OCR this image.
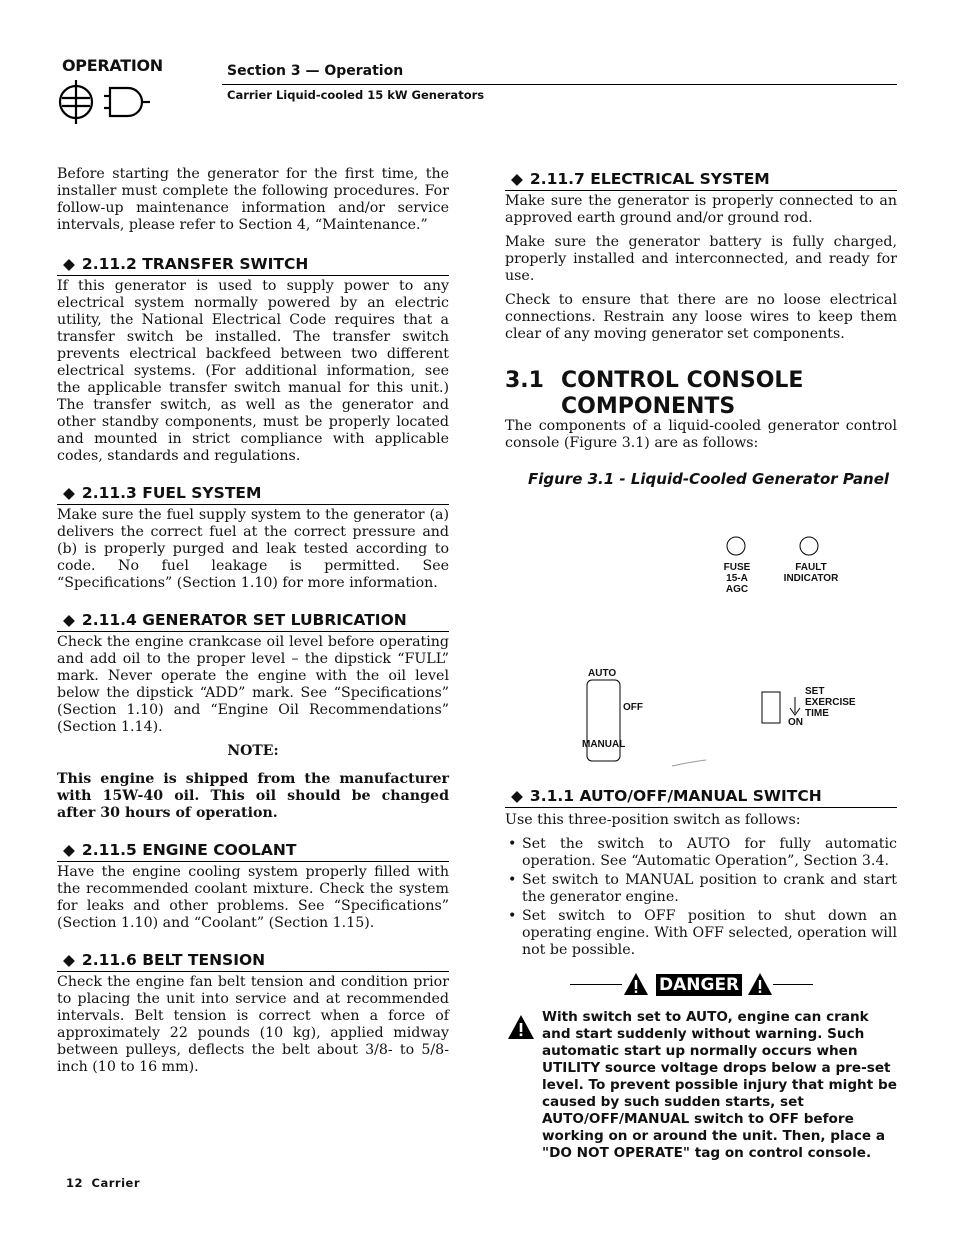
OPERATION	Section 3 — Operation
Carrier Liquid-cooled 15 kW Generators

Before starting the generator for the first time, the installer must complete the following procedures. For follow-up maintenance information and/or service intervals, please refer to Section 4, “Maintenance.”

◆ 2.11.2 TRANSFER SWITCH

If this generator is used to supply power to any electrical system normally powered by an electric utility, the National Electrical Code requires that a transfer switch be installed. The transfer switch prevents electrical backfeed between two different electrical systems. (For additional information, see the applicable transfer switch manual for this unit.) The transfer switch, as well as the generator and other standby components, must be properly located and mounted in strict compliance with applicable codes, standards and regulations.

◆ 2.11.3 FUEL SYSTEM

Make sure the fuel supply system to the generator (a) delivers the correct fuel at the correct pressure and (b) is properly purged and leak tested according to code. No fuel leakage is permitted. See “Specifications” (Section 1.10) for more information.

◆ 2.11.4 GENERATOR SET LUBRICATION

Check the engine crankcase oil level before operating and add oil to the proper level – the dipstick “FULL” mark. Never operate the engine with the oil level below the dipstick “ADD” mark. See “Specifications” (Section 1.10) and “Engine Oil Recommendations” (Section 1.14).

NOTE:

This engine is shipped from the manufacturer with 15W-40 oil. This oil should be changed after 30 hours of operation.

◆ 2.11.5 ENGINE COOLANT

Have the engine cooling system properly filled with the recommended coolant mixture. Check the system for leaks and other problems. See “Specifications” (Section 1.10) and “Coolant” (Section 1.15).

◆ 2.11.6 BELT TENSION

Check the engine fan belt tension and condition prior to placing the unit into service and at recommended intervals. Belt tension is correct when a force of approximately 22 pounds (10 kg), applied midway between pulleys, deflects the belt about 3/8- to 5/8-inch (10 to 16 mm).

◆ 2.11.7 ELECTRICAL SYSTEM

Make sure the generator is properly connected to an approved earth ground and/or ground rod.

Make sure the generator battery is fully charged, properly installed and interconnected, and ready for use.

Check to ensure that there are no loose electrical connections. Restrain any loose wires to keep them clear of any moving generator set components.

3.1 CONTROL CONSOLE
COMPONENTS

The components of a liquid-cooled generator control console (Figure 3.1) are as follows:

Figure 3.1 - Liquid-Cooled Generator Panel
FUSE
15-A
AGC
FAULT
INDICATOR
AUTO
OFF
MANUAL
SET
EXERCISE
TIME
ON
◆ 3.1.1 AUTO/OFF/MANUAL SWITCH

Use this three-position switch as follows:

• Set the switch to AUTO for fully automatic operation. See “Automatic Operation”, Section 3.4.
• Set switch to MANUAL position to crank and start the generator engine.
• Set switch to OFF position to shut down an operating engine. With OFF selected, operation will not be possible.
DANGER

With switch set to AUTO, engine can crank and start suddenly without warning. Such automatic start up normally occurs when UTILITY source voltage drops below a pre-set level. To prevent possible injury that might be caused by such sudden starts, set AUTO/OFF/MANUAL switch to OFF before working on or around the unit. Then, place a "DO NOT OPERATE" tag on control console.

12 Carrier
